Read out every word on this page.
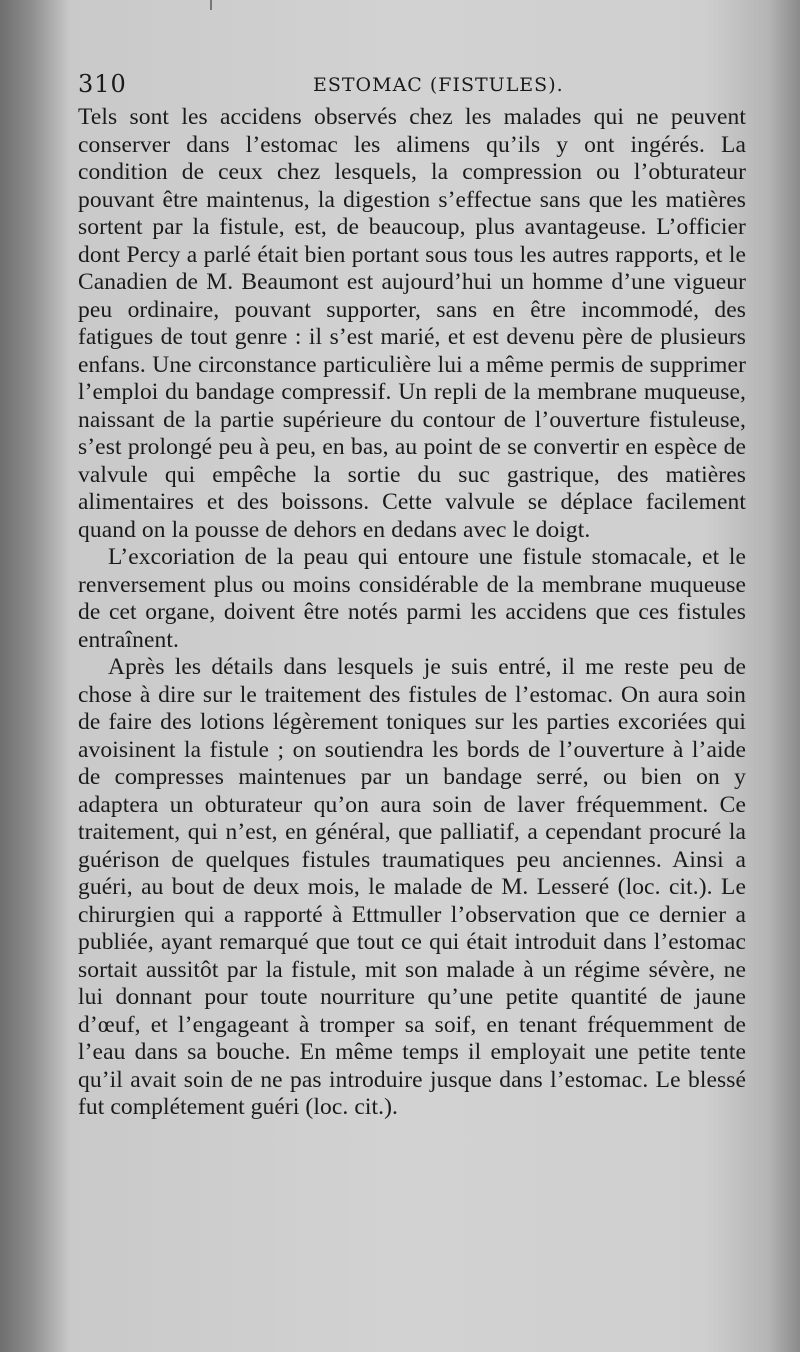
310	ESTOMAC (FISTULES).

Tels sont les accidens observés chez les malades qui ne peuvent conserver dans l’estomac les alimens qu’ils y ont ingérés. La condition de ceux chez lesquels, la compression ou l’obturateur pouvant être maintenus, la digestion s’effectue sans que les matières sortent par la fistule, est, de beaucoup, plus avantageuse. L’officier dont Percy a parlé était bien portant sous tous les autres rapports, et le Canadien de M. Beaumont est aujourd’hui un homme d’une vigueur peu ordinaire, pouvant supporter, sans en être incommodé, des fatigues de tout genre : il s’est marié, et est devenu père de plusieurs enfans. Une circonstance particulière lui a même permis de supprimer l’emploi du bandage compressif. Un repli de la membrane muqueuse, naissant de la partie supérieure du contour de l’ouverture fistuleuse, s’est prolongé peu à peu, en bas, au point de se convertir en espèce de valvule qui empêche la sortie du suc gastrique, des matières alimentaires et des boissons. Cette valvule se déplace facilement quand on la pousse de dehors en dedans avec le doigt.

L’excoriation de la peau qui entoure une fistule stomacale, et le renversement plus ou moins considérable de la membrane muqueuse de cet organe, doivent être notés parmi les accidens que ces fistules entraînent.

Après les détails dans lesquels je suis entré, il me reste peu de chose à dire sur le traitement des fistules de l’estomac. On aura soin de faire des lotions légèrement toniques sur les parties excoriées qui avoisinent la fistule ; on soutiendra les bords de l’ouverture à l’aide de compresses maintenues par un bandage serré, ou bien on y adaptera un obturateur qu’on aura soin de laver fréquemment. Ce traitement, qui n’est, en général, que palliatif, a cependant procuré la guérison de quelques fistules traumatiques peu anciennes. Ainsi a guéri, au bout de deux mois, le malade de M. Lesseré (loc. cit.). Le chirurgien qui a rapporté à Ettmuller l’observation que ce dernier a publiée, ayant remarqué que tout ce qui était introduit dans l’estomac sortait aussitôt par la fistule, mit son malade à un régime sévère, ne lui donnant pour toute nourriture qu’une petite quantité de jaune d’œuf, et l’engageant à tromper sa soif, en tenant fréquemment de l’eau dans sa bouche. En même temps il employait une petite tente qu’il avait soin de ne pas introduire jusque dans l’estomac. Le blessé fut complétement guéri (loc. cit.).
